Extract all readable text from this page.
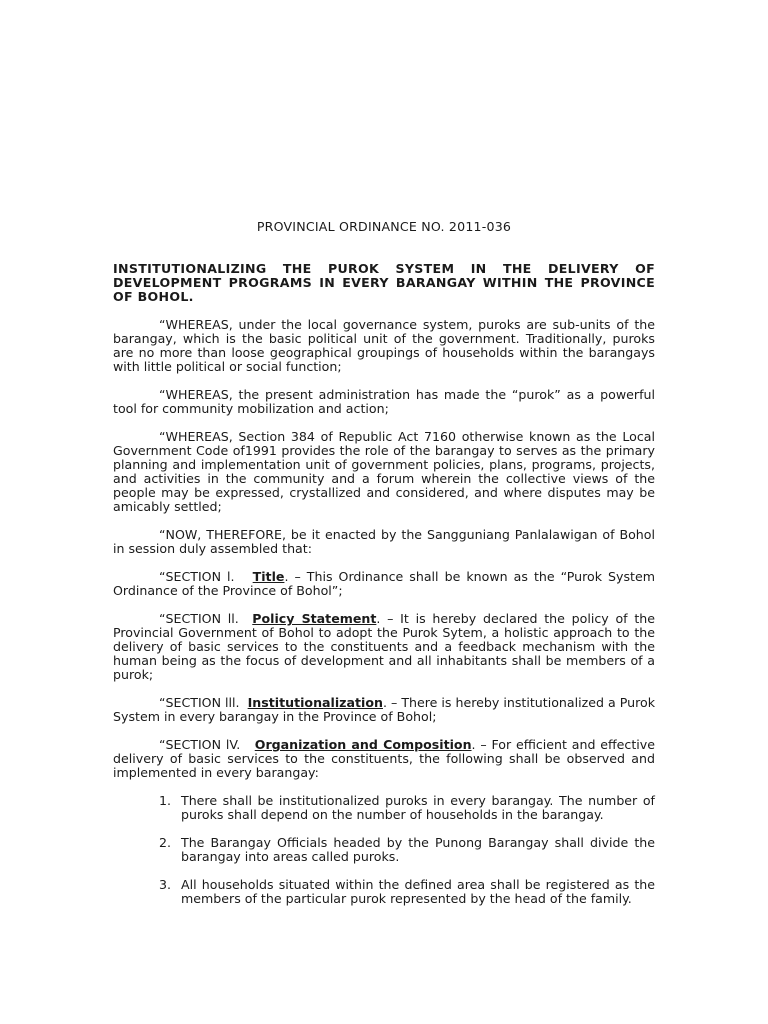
PROVINCIAL ORDINANCE NO. 2011-036
INSTITUTIONALIZING THE PUROK SYSTEM IN THE DELIVERY OF DEVELOPMENT PROGRAMS IN EVERY BARANGAY WITHIN THE PROVINCE OF BOHOL.
“WHEREAS, under the local governance system, puroks are sub-units of the barangay, which is the basic political unit of the government. Traditionally, puroks are no more than loose geographical groupings of households within the barangays with little political or social function;
“WHEREAS, the present administration has made the “purok” as a powerful tool for community mobilization and action;
“WHEREAS, Section 384 of Republic Act 7160 otherwise known as the Local Government Code of1991 provides the role of the barangay to serves as the primary planning and implementation unit of government policies, plans, programs, projects, and activities in the community and a forum wherein the collective views of the people may be expressed, crystallized and considered, and where disputes may be amicably settled;
“NOW, THEREFORE, be it enacted by the Sangguniang Panlalawigan of Bohol in session duly assembled that:
“SECTION l. Title. – This Ordinance shall be known as the “Purok System Ordinance of the Province of Bohol”;
“SECTION ll. Policy Statement. – It is hereby declared the policy of the Provincial Government of Bohol to adopt the Purok Sytem, a holistic approach to the delivery of basic services to the constituents and a feedback mechanism with the human being as the focus of development and all inhabitants shall be members of a purok;
“SECTION lll. Institutionalization. – There is hereby institutionalized a Purok System in every barangay in the Province of Bohol;
“SECTION lV. Organization and Composition. – For efficient and effective delivery of basic services to the constituents, the following shall be observed and implemented in every barangay:
1. There shall be institutionalized puroks in every barangay. The number of puroks shall depend on the number of households in the barangay.
2. The Barangay Officials headed by the Punong Barangay shall divide the barangay into areas called puroks.
3. All households situated within the defined area shall be registered as the members of the particular purok represented by the head of the family.
